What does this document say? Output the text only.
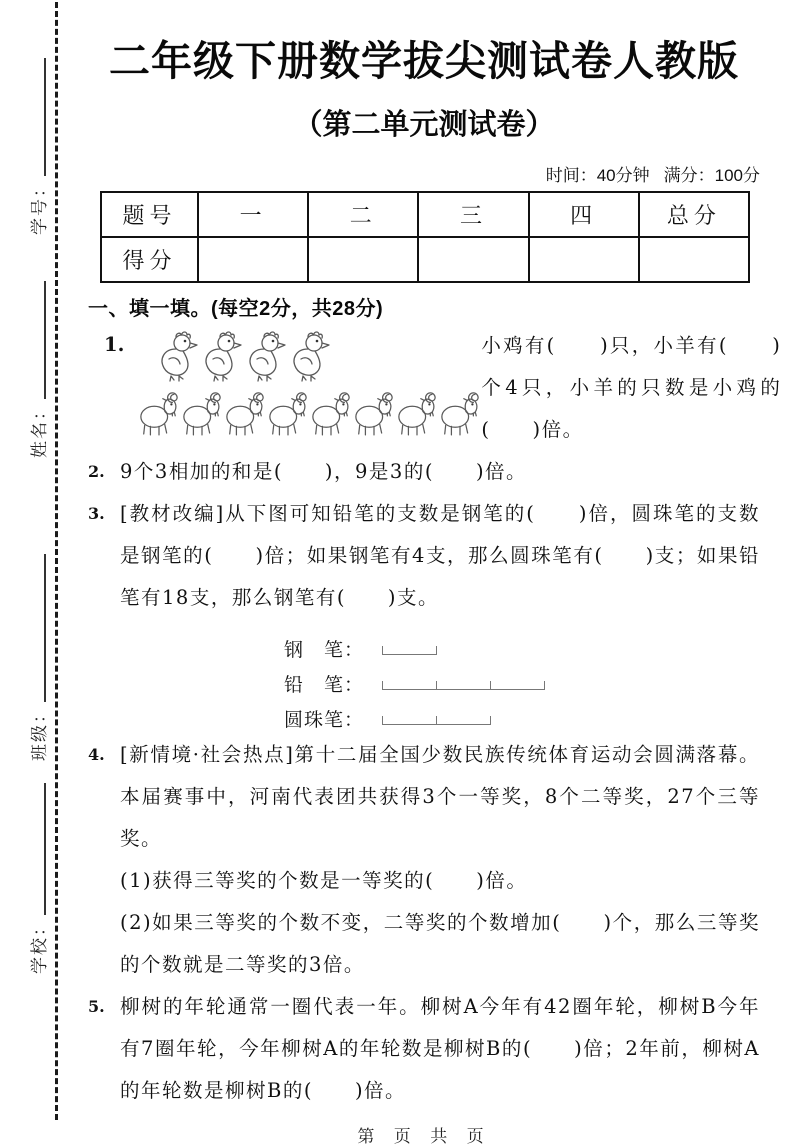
学校：
班级：
姓名：
学号：
二年级下册数学拔尖测试卷人教版
（第二单元测试卷）
时间：40分钟 满分：100分
题号	一	二	三	四	总分
得分					
一、填一填。(每空2分，共28分)
1.	小鸡有(　　)只，小羊有(　　)个4只，小羊的只数是小鸡的(　　)倍。
2. 9个3相加的和是(　　)，9是3的(　　)倍。
3. [教材改编]从下图可知铅笔的支数是钢笔的(　　)倍，圆珠笔的支数是钢笔的(　　)倍；如果钢笔有4支，那么圆珠笔有(　　)支；如果铅笔有18支，那么钢笔有(　　)支。
钢　笔：
铅　笔：
圆珠笔：
4. [新情境·社会热点]第十二届全国少数民族传统体育运动会圆满落幕。本届赛事中，河南代表团共获得3个一等奖，8个二等奖，27个三等奖。
(1)获得三等奖的个数是一等奖的(　　)倍。
(2)如果三等奖的个数不变，二等奖的个数增加(　　)个，那么三等奖的个数就是二等奖的3倍。
5. 柳树的年轮通常一圈代表一年。柳树A今年有42圈年轮，柳树B今年有7圈年轮，今年柳树A的年轮数是柳树B的(　　)倍；2年前，柳树A的年轮数是柳树B的(　　)倍。
第 页 共 页
